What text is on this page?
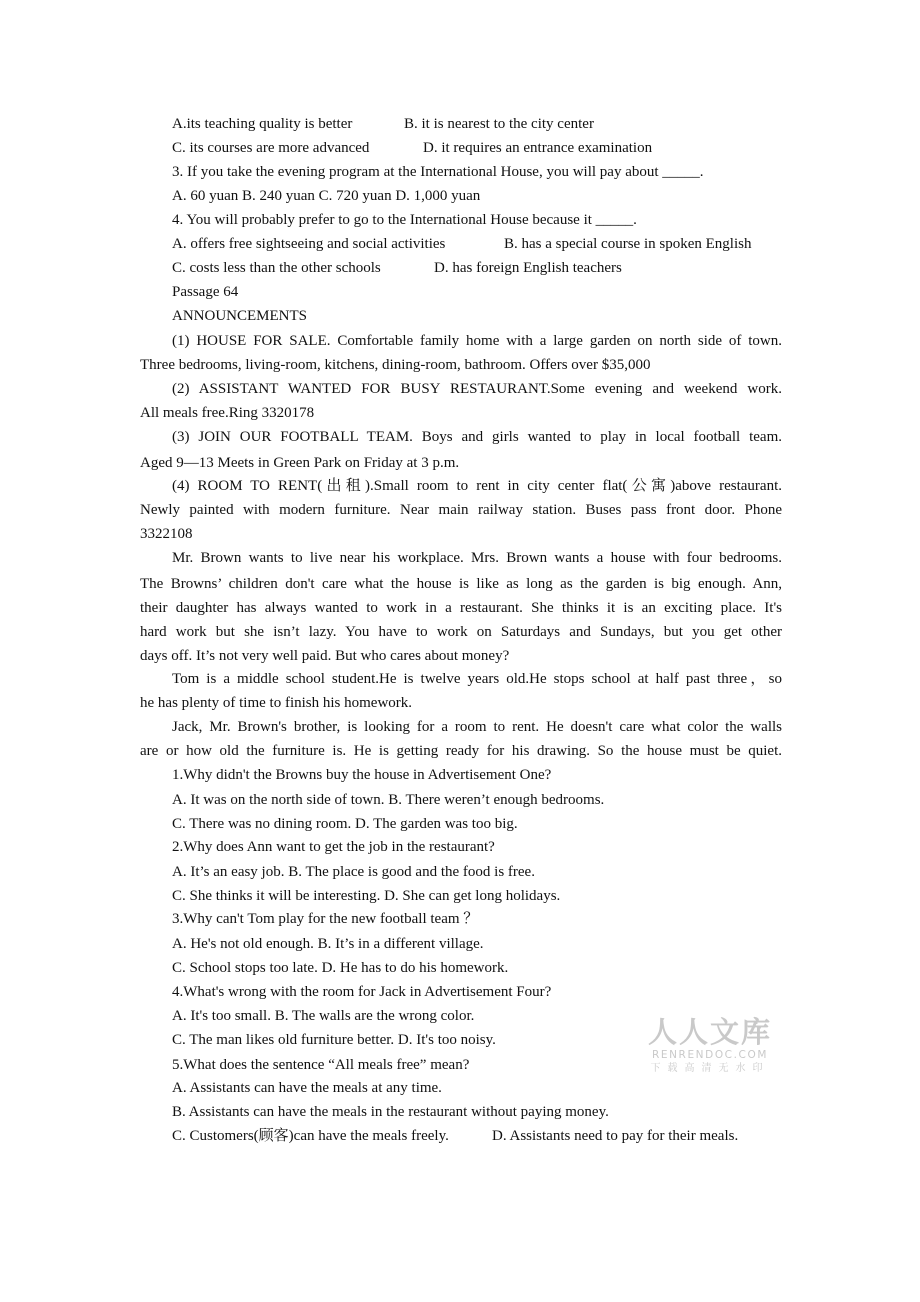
A.its teaching quality is better	B. it is nearest to the city center
C. its courses are more advanced	D. it requires an entrance examination
3. If you take the evening program at the International House, you will pay about _____.
A. 60 yuan B. 240 yuan C. 720 yuan D. 1,000 yuan
4. You will probably prefer to go to the International House because it _____.
A. offers free sightseeing and social activities	B. has a special course in spoken English
C. costs less than the other schools	D. has foreign English teachers
Passage 64
ANNOUNCEMENTS
(1) HOUSE FOR SALE. Comfortable family home with a large garden on north side of town.
Three bedrooms, living-room, kitchens, dining-room, bathroom. Offers over $35,000
(2) ASSISTANT WANTED FOR BUSY RESTAURANT.Some evening and weekend work.
All meals free.Ring 3320178
(3) JOIN OUR FOOTBALL TEAM. Boys and girls wanted to play in local football team.
Aged 9—13 Meets in Green Park on Friday at 3 p.m.
(4) ROOM TO RENT(出租).Small room to rent in city center flat(公寓)above restaurant.
Newly painted with modern furniture. Near main railway station. Buses pass front door. Phone
3322108
Mr. Brown wants to live near his workplace. Mrs. Brown wants a house with four bedrooms.
The Browns’ children don't care what the house is like as long as the garden is big enough. Ann,
their daughter has always wanted to work in a restaurant. She thinks it is an exciting place. It's
hard work but she isn’t lazy. You have to work on Saturdays and Sundays, but you get other
days off. It’s not very well paid. But who cares about money?
Tom is a middle school student.He is twelve years old.He stops school at half past three，so
he has plenty of time to finish his homework.
Jack, Mr. Brown's brother, is looking for a room to rent. He doesn't care what color the walls
are or how old the furniture is. He is getting ready for his drawing. So the house must be quiet.
1.Why didn't the Browns buy the house in Advertisement One?
A. It was on the north side of town. B. There weren’t enough bedrooms.
C. There was no dining room. D. The garden was too big.
2.Why does Ann want to get the job in the restaurant?
A. It’s an easy job. B. The place is good and the food is free.
C. She thinks it will be interesting. D. She can get long holidays.
3.Why can't Tom play for the new football team ？
A. He's not old enough. B. It’s in a different village.
C. School stops too late. D. He has to do his homework.
4.What's wrong with the room for Jack in Advertisement Four?
A. It's too small. B. The walls are the wrong color.
C. The man likes old furniture better. D. It's too noisy.
5.What does the sentence “All meals free” mean?
A. Assistants can have the meals at any time.
B. Assistants can have the meals in the restaurant without paying money.
C. Customers(顾客)can have the meals freely.	D. Assistants need to pay for their meals.
人人文库
RENRENDOC.COM
下载高清无水印
